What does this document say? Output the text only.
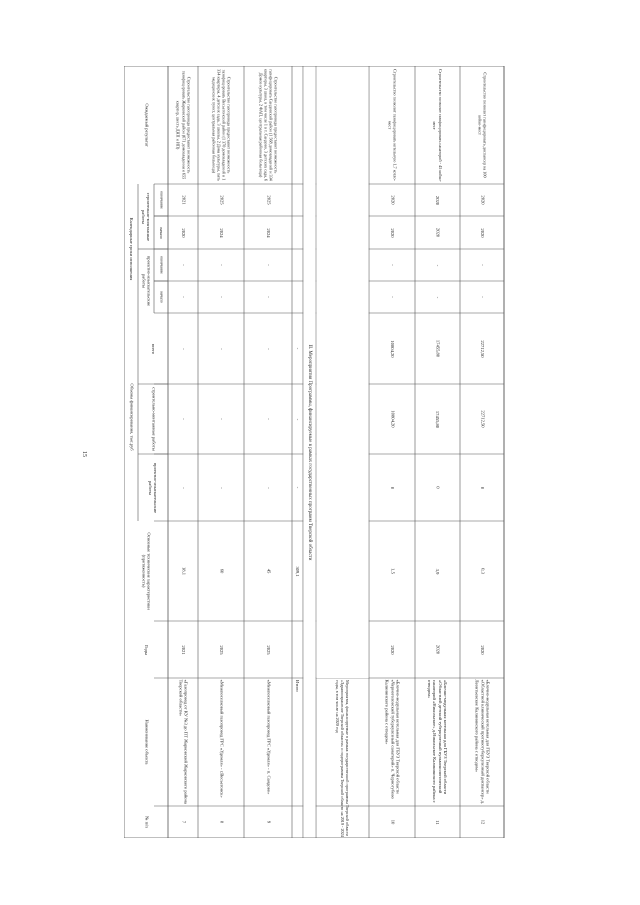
15
№ п/п
Наименование объекта
Годы
Основные технические характеристики (протяженность)
Объемы финансирования, тыс.руб
проектно-изыскательские работы
строительно-монтажные работы
всего
Календарные сроки исполнения
проектно-изыскательские работы
строительно-монтажные работы
начало
окончание
начало
окончание
Ожидаемый результат
7
«Газопровод от КУ №3 до ПТ Жарковский Жарковского района Тверской области»
2021
18,1
-
-
-
-
-
2020
2021
Строительство газопровода предоставит возможность газифицировать Жарковский район (671 домовладения и 655 квартир, шесть ДНП и ИП)
8
«Межпоселковый газопровод ГРС «Удомля» - г.Весьегонск»
2025
60
-
-
-
-
-
2024
2025
Строительство газопровода предоставит возможность газифицировать Весьегонский район (1 370 домовладений и 1 334 квартиры, 4 детских сада, 3 школы, 2 Дома культуры, пять медицинских пункт, центральная районная больница)
9
«Межпоселковый газопровод ГРС «Удомля» - п. Сандово»
2025
45
-
-
-
-
-
2024
2025
Строительство газопровода предоставит возможность газифицировать Сандовский район (1 568 домовладений и 334 квартиры, 3 школ, в том числе 1 в т. Сандово, 3 детских сада, 6 Домов культуры, 2 ФАП, центральная районная больница)
Итого
309,1
-
-
-	II. Мероприятия Программы, финансируемые в рамках государственных программ Тверской области
Мероприятия, финансируемые в рамках государственной программы Тверской области «Здравоохранение Тверской области» и подпрограммы Тверской области на 2019 - 2024 годы, в том числе на 2020 год
10
«Блочно-модульная котельная для ГБУЗ Тверской области «Черноголовский туберкулезный санаторий» п. Черногубово Калининского района с отводом»
2020
1,5
0
10804,20
10804,20
-
-
2020
2020
Строительство позволит газифицировать котельную 1,7 котло-мест
11
«Блочно-модульная котельная для ГБУЗ Тверской области «Областной детский туберкулезный пульмонологический санаторий «Никольское» д.Никольское Калининского района с отводом»
2020
3,9
0
17455,80
17455,80
-
-
2020
2020
Строительство позволит газифицировать санаторий - 45 койко-мест
12
«Блочно-модульная котельная для ГБУЗ Тверской области «Областной клинический противотуберкулезный диспансер» д. Леонтьевское Калининского района с отводом»
2020
0,3
0
22712,50
22712,50
-
-
2020
2020
Строительство позволит газифицировать диспансер на 100 койко-мест
